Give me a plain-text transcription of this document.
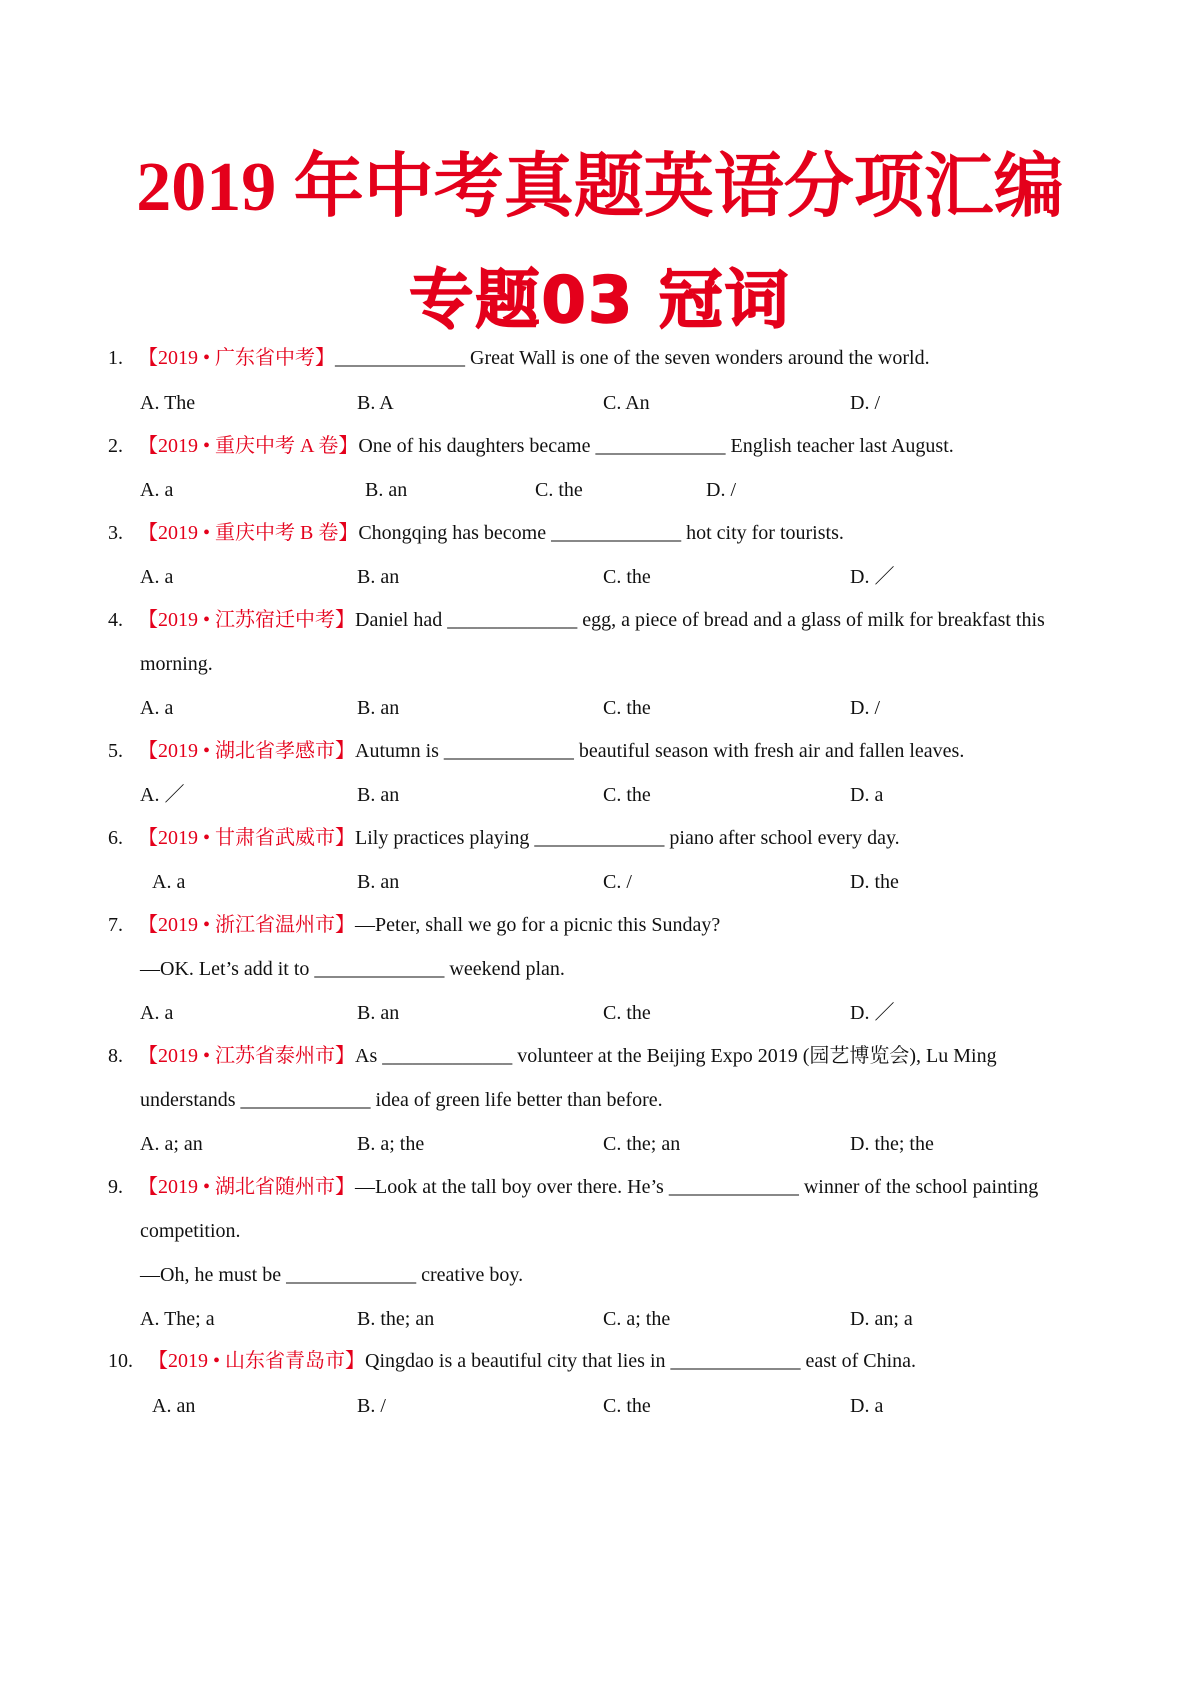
2019 年中考真题英语分项汇编
专题03 冠词
1. 【2019 • 广东省中考】_____________ Great Wall is one of the seven wonders around the world.
A. The	B. A	C. An	D. /
2. 【2019 • 重庆中考 A 卷】One of his daughters became _____________ English teacher last August.
A. a	B. an	C. the	D. /
3. 【2019 • 重庆中考 B 卷】Chongqing has become _____________ hot city for tourists.
A. a	B. an	C. the	D. ／
4. 【2019 • 江苏宿迁中考】Daniel had _____________ egg, a piece of bread and a glass of milk for breakfast this
morning.
A. a	B. an	C. the	D. /
5. 【2019 • 湖北省孝感市】Autumn is _____________ beautiful season with fresh air and fallen leaves.
A. ／	B. an	C. the	D. a
6. 【2019 • 甘肃省武威市】Lily practices playing _____________ piano after school every day.
A. a	B. an	C. /	D. the
7. 【2019 • 浙江省温州市】—Peter, shall we go for a picnic this Sunday?
—OK. Let’s add it to _____________ weekend plan.
A. a	B. an	C. the	D. ／
8. 【2019 • 江苏省泰州市】As _____________ volunteer at the Beijing Expo 2019 (园艺博览会), Lu Ming
understands _____________ idea of green life better than before.
A. a; an	B. a; the	C. the; an	D. the; the
9. 【2019 • 湖北省随州市】—Look at the tall boy over there. He’s _____________ winner of the school painting
competition.
—Oh, he must be _____________ creative boy.
A. The; a	B. the; an	C. a; the	D. an; a
10. 【2019 • 山东省青岛市】Qingdao is a beautiful city that lies in _____________ east of China.
A. an	B. /	C. the	D. a
